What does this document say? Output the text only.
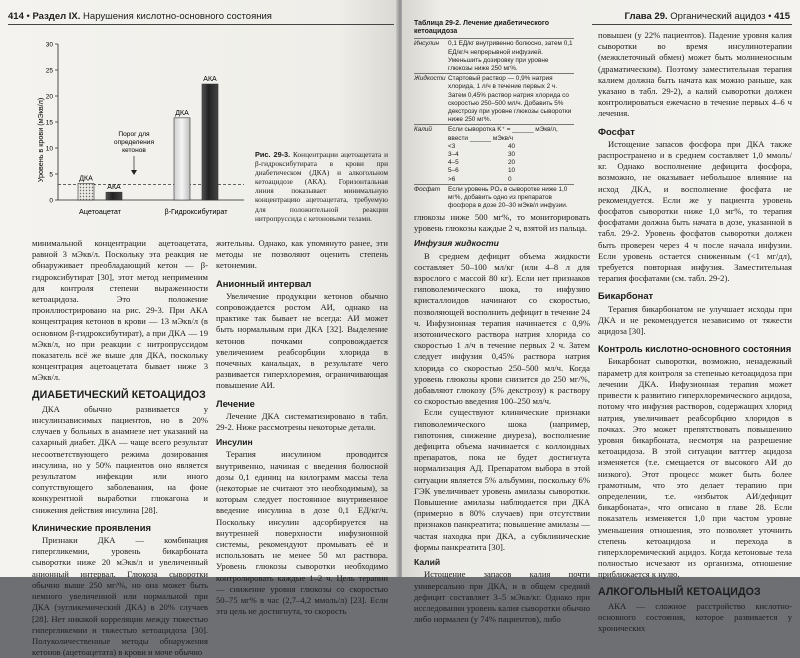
414 • Раздел IX. Нарушения кислотно-основного состояния
Уровень в крови (мЭкв/л)
30
25
20
15
10
5
0
ДКА
АКА
ДКА
АКА
Порог для
определения
кетонов
Ацетоацетат	β-Гидроксибутират
Рис. 29-3. Концентрации ацетоацетата и β-гидроксибутирата в крови при диабетическом (ДКА) и алкогольном кетоацидозе (АКА). Горизонтальная линия показывает минимальную концентрацию ацетоацетата, требуемую для положительной реакции нитропруссида с кетоновыми телами.

минимальной концентрации ацетоацетата, равной 3 мЭкв/л. Поскольку эта реакция не обнаруживает преобладающий кетон — β-гидроксибутират [30], этот метод неприменим для контроля степени выраженности кетоацидоза. Это положение проиллюстрировано на рис. 29-3. При АКА концентрация кетонов в крови — 13 мЭкв/л (в основном β-гидроксибутират), а при ДКА — 19 мЭкв/л, но при реакции с нитропруссидом показатель всё же выше для ДКА, поскольку концентрация ацетоацетата бывает ниже 3 мЭкв/л.

ДИАБЕТИЧЕСКИЙ КЕТОАЦИДОЗ

ДКА обычно развивается у инсулинзависимых пациентов, но в 20% случаев у больных в анамнезе нет указаний на сахарный диабет. ДКА — чаще всего результат несоответствующего режима дозирования инсулина, но у 50% пациентов оно является результатом инфекции или иного сопутствующего заболевания, на фоне конкурентной выработки глюкагона и снижения действия инсулина [28].

Клинические проявления

Признаки ДКА — комбинация гипергликемии, уровень бикарбоната сыворотки ниже 20 мЭкв/л и увеличенный анионный интервал. Глюкоза сыворотки обычно выше 250 мг/%, но она может быть немного увеличенной или нормальной при ДКА (эугликемический ДКА) в 20% случаев [28]. Нет никакой корреляции между тяжестью гипергликемии и тяжестью кетоацидоза [30]. Полуколичественные методы обнаружения кетонов (ацетоацетата) в крови и моче обычно

жительны. Однако, как упомянуто ранее, эти методы не позволяют оценить степень кетонемии.

Анионный интервал

Увеличение продукции кетонов обычно сопровождается ростом АИ, однако на практике так бывает не всегда: АИ может быть нормальным при ДКА [32]. Выделение кетонов почками сопровождается увеличением реабсорбции хлорида в почечных канальцах, в результате чего развивается гиперхлоремия, ограничивающая повышение АИ.

Лечение

Лечение ДКА систематизировано в табл. 29-2. Ниже рассмотрены некоторые детали.

Инсулин

Терапия инсулином проводится внутривенно, начиная с введения болюсной дозы 0,1 единиц на килограмм массы тела (некоторые не считают это необходимым), за которым следует постоянное внутривенное введение инсулина в дозе 0,1 ЕД/кг/ч. Поскольку инсулин адсорбируется на внутренней поверхности инфузионной системы, рекомендуют промывать её и использовать не менее 50 мл раствора. Уровень глюкозы сыворотки необходимо контролировать каждые 1–2 ч. Цель терапии — снижение уровня глюкозы со скоростью 50–75 мг% в час (2,7–4,2 ммоль/л) [23]. Если эта цель не достигнута, то скорость

Глава 29. Органический ацидоз • 415
Таблица 29-2. Лечение диабетического кетоацидоза
Инсулин	0,1 ЕД/кг внутривенно болюсно, затем 0,1 ЕД/кг/ч непрерывной инфузией. Уменьшить дозировку при уровне глюкозы ниже 250 мг%.
Жидкости Стартовый раствор — 0,9% натрия хлорида, 1 л/ч в течение первых 2 ч. Затем 0,45% раствор натрия хлорида со скоростью 250–500 мл/ч. Добавить 5% декстрозу при уровне глюкозы сыворотки ниже 250 мг%.
Калий	Если сыворотка K⁺ = ______ мЭкв/л, ввести ______ мЭкв/ч
<3	40
3–4	30
4–5	20
5–6	10
>6	0
Фосфат	Если уровень PO₄ в сыворотке ниже 1,0 мг%, добавить одно из препаратов фосфора в дозе 20–30 мЭкв/л инфузии.

глюкозы ниже 500 мг%, то мониторировать уровень глюкозы каждые 2 ч, взятой из пальца.

Инфузия жидкости

В среднем дефицит объема жидкости составляет 50–100 мл/кг (или 4–8 л для взрослого с массой 80 кг). Если нет признаков гиповолемического шока, то инфузию кристаллоидов начинают со скоростью, позволяющей восполнить дефицит в течение 24 ч. Инфузионная терапия начинается с 0,9% изотонического раствора натрия хлорида со скоростью 1 л/ч в течение первых 2 ч. Затем следует инфузия 0,45% раствора натрия хлорида со скоростью 250–500 мл/ч. Когда уровень глюкозы крови снизится до 250 мг/%, добавляют глюкозу (5% декстрозу) к раствору со скоростью введения 100–250 мл/ч.

Если существуют клинические признаки гиповолемического шока (например, гипотония, снижение диуреза), восполнение дефицита объема начинается с коллоидных препаратов, пока не будет достигнута нормализация АД. Препаратом выбора в этой ситуации является 5% альбумин, поскольку 6% ГЭК увеличивает уровень амилазы сыворотки. Повышение амилазы наблюдается при ДКА (примерно в 80% случаев) при отсутствии признаков панкреатита; повышение амилазы — частая находка при ДКА, а субклинические формы панкреатита [30].

Калий

Истощение запасов калия почти универсально при ДКА, и в общем средний дефицит составляет 3–5 мЭкв/кг. Однако при исследовании уровень калия сыворотки обычно либо нормален (у 74% пациентов), либо

повышен (у 22% пациентов). Падение уровня калия сыворотки во время инсулинотерапии (межклеточный обмен) может быть молниеносным (драматическим). Поэтому заместительная терапия калием должна быть начата как можно раньше, как указано в табл. 29-2), а калий сыворотки должен контролироваться ежечасно в течение первых 4–6 ч лечения.

Фосфат

Истощение запасов фосфора при ДКА также распространено и в среднем составляет 1,0 ммоль/кг. Однако восполнение дефицита фосфора, возможно, не оказывает небольшое влияние на исход ДКА, и восполнение фосфата не рекомендуется. Если же у пациента уровень фосфатов сыворотки ниже 1,0 мг%, то терапия фосфатами должна быть начата в дозе, указанной в табл. 29-2. Уровень фосфатов сыворотки должен быть проверен через 4 ч после начала инфузии. Если уровень остается сниженным (<1 мг/дл), требуется повторная инфузия. Заместительная терапия фосфатами (см. табл. 29-2).

Бикарбонат

Терапия бикарбонатом не улучшает исходы при ДКА и не рекомендуется независимо от тяжести ацидоза [30].

Контроль кислотно-основного состояния

Бикарбонат сыворотки, возможно, ненадежный параметр для контроля за степенью кетоацидоза при лечении ДКА. Инфузионная терапия может привести к развитию гиперхлоремического ацидоза, потому что инфузия растворов, содержащих хлорид натрия, увеличивает реабсорбцию хлоридов в почках. Это может препятствовать повышению уровня бикарбоната, несмотря на разрешение кетоацидоза. В этой ситуации ватттер ацидоза изменяется (т.е. смещается от высокого АИ до низкого). Этот процесс может быть более грамотным, что это делает терапию при определении, т.е. «избыток АИ/дефицит бикарбоната», что описано в главе 28. Если показатель изменяется 1,0 при частом уровне уменьшения отношения, это позволяет уточнить степень кетоацидоза и перехода в гиперхлоремический ацидоз. Когда кетоновые тела полностью исчезают из организма, отношение приближается к нулю.

АЛКОГОЛЬНЫЙ КЕТОАЦИДОЗ

АКА — сложное расстройство кислотно-основного состояния, которое развивается у хронических
